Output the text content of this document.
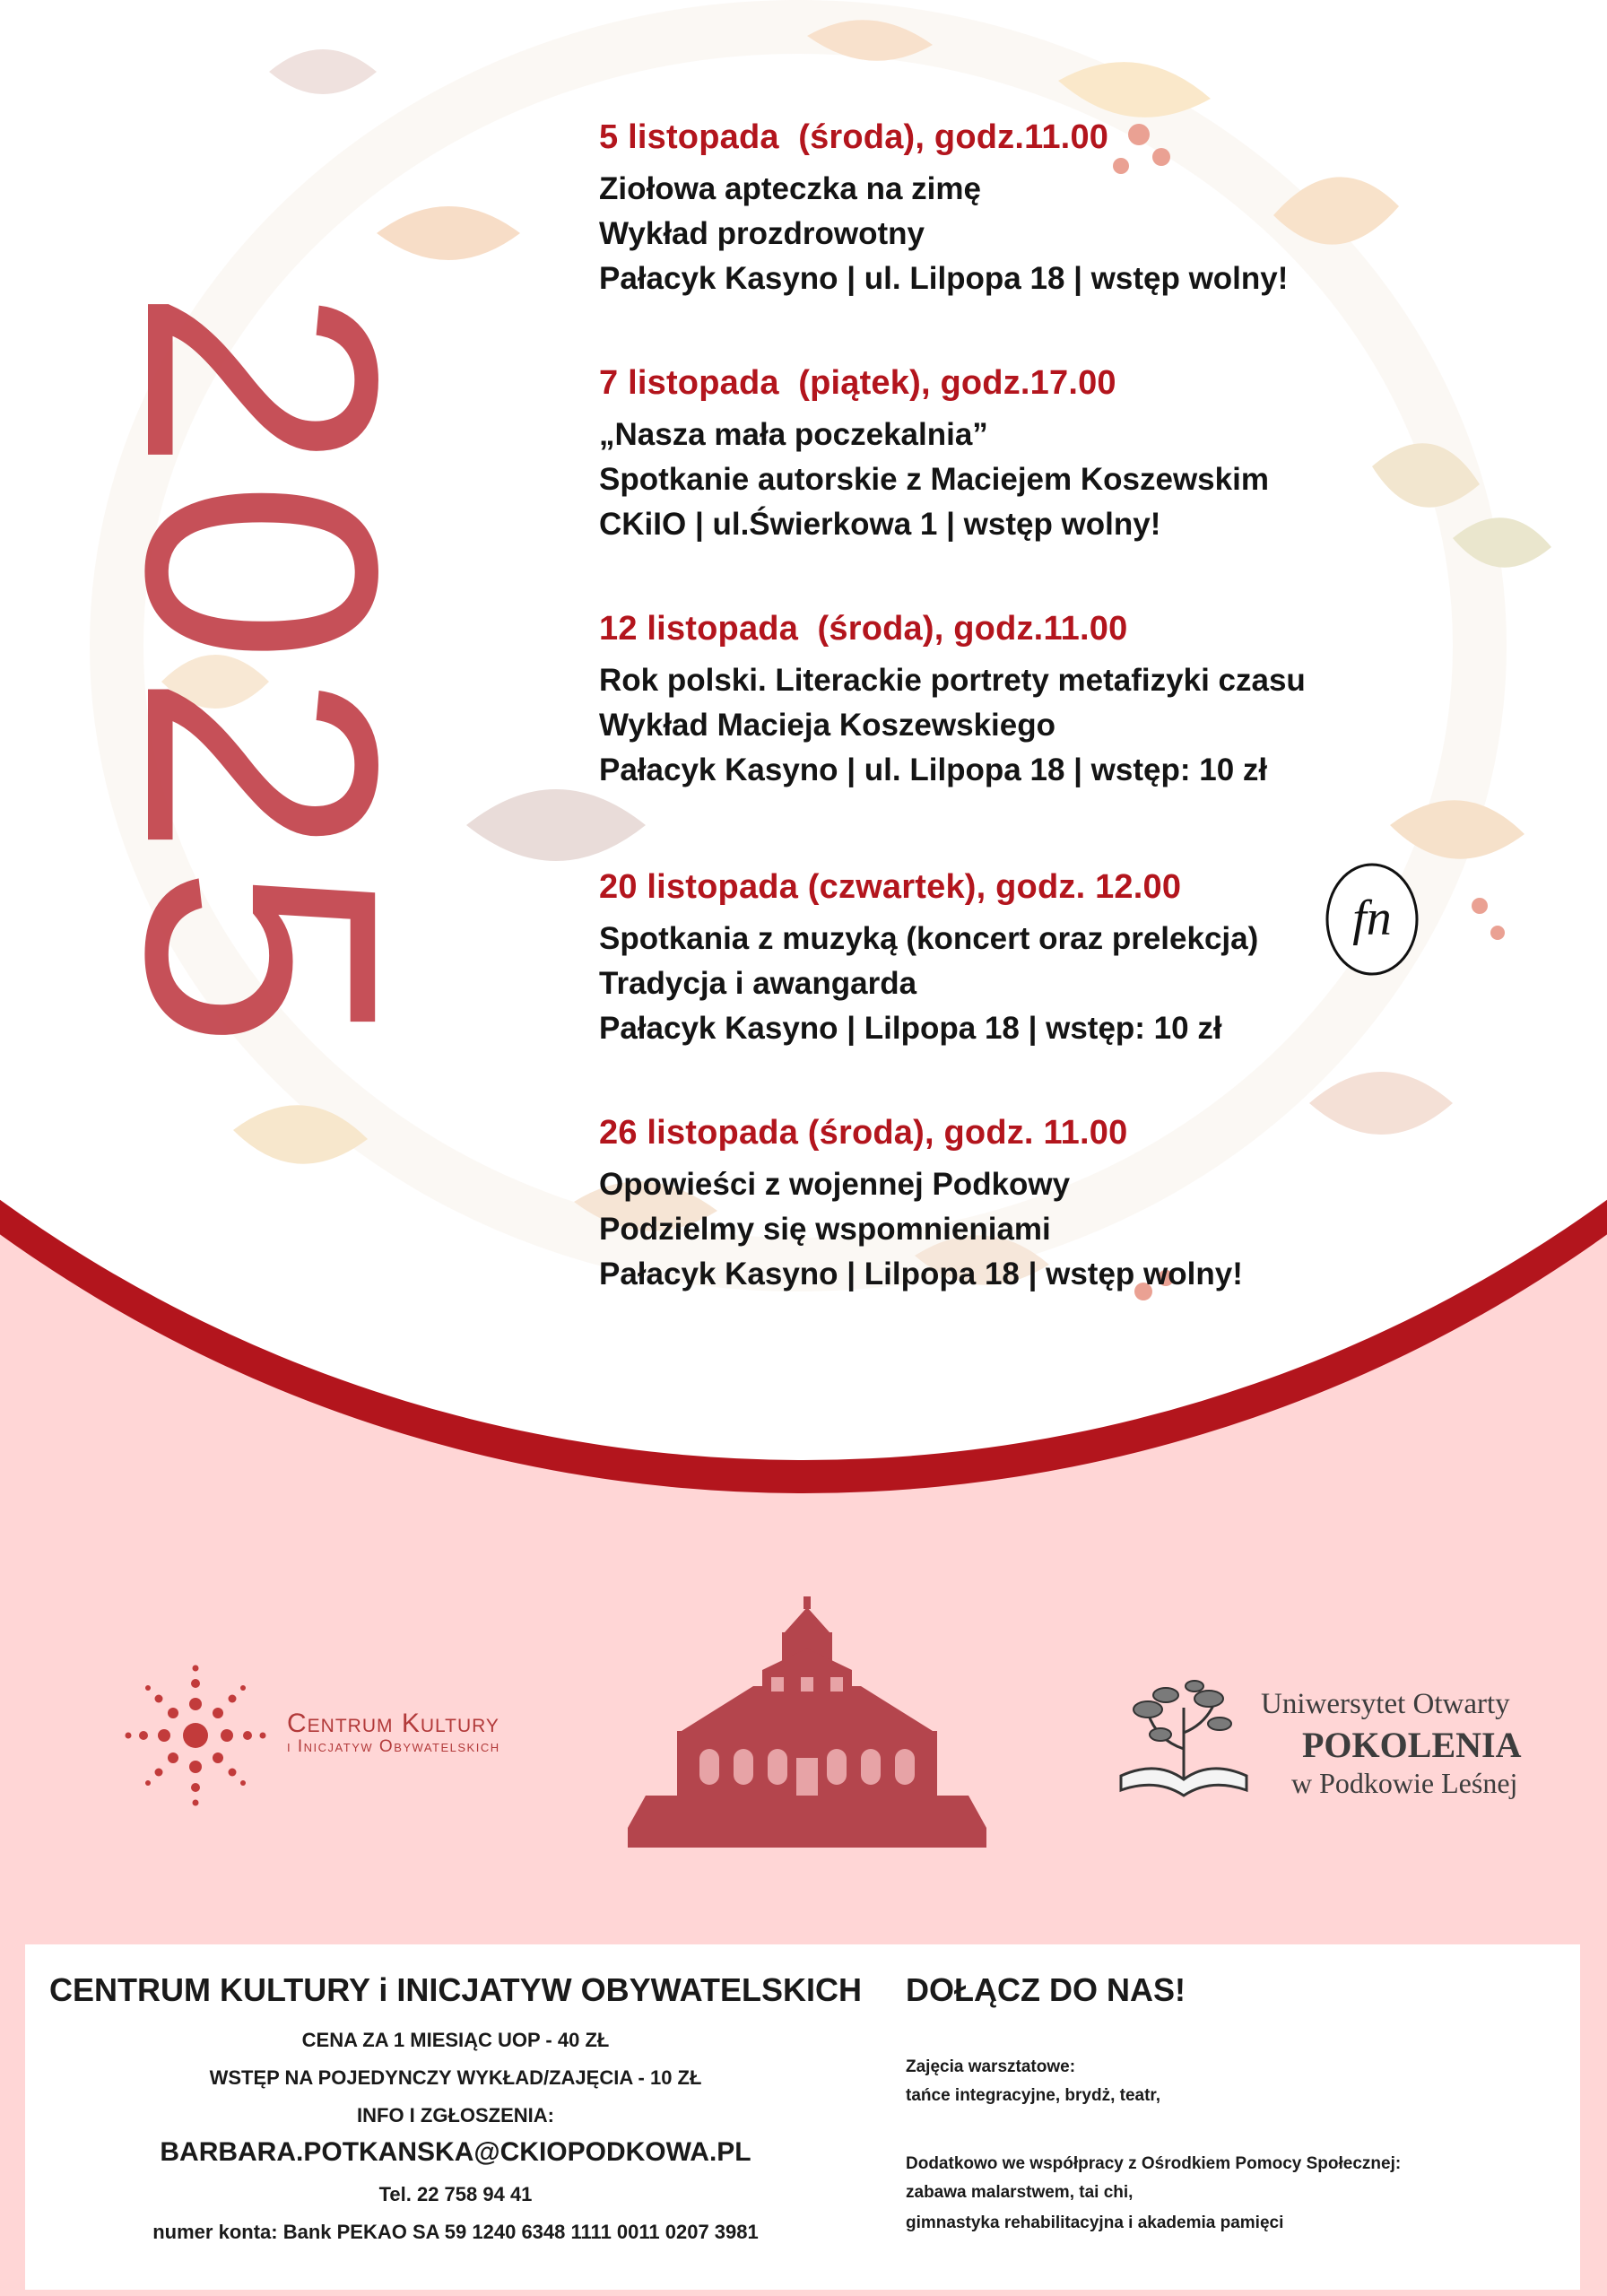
2025
5 listopada  (środa), godz.11.00
Ziołowa apteczka na zimę
Wykład prozdrowotny
Pałacyk Kasyno | ul. Lilpopa 18 | wstęp wolny!
7 listopada  (piątek), godz.17.00
„Nasza mała poczekalnia”
Spotkanie autorskie z Maciejem Koszewskim
CKiIO | ul.Świerkowa 1 | wstęp wolny!
12 listopada  (środa), godz.11.00
Rok polski. Literackie portrety metafizyki czasu
Wykład Macieja Koszewskiego
Pałacyk Kasyno | ul. Lilpopa 18 | wstęp: 10 zł
20 listopada (czwartek), godz. 12.00
Spotkania z muzyką (koncert oraz prelekcja)
Tradycja i awangarda
Pałacyk Kasyno | Lilpopa 18 | wstęp: 10 zł
26 listopada (środa), godz. 11.00
Opowieści z wojennej Podkowy
Podzielmy się wspomnieniami
Pałacyk Kasyno | Lilpopa 18 | wstęp wolny!
fn
Centrum Kultury
i Inicjatyw Obywatelskich
Uniwersytet Otwarty
POKOLENIA
w Podkowie Leśnej
CENTRUM KULTURY i INICJATYW OBYWATELSKICH
CENA ZA 1 MIESIĄC UOP - 40 ZŁ
WSTĘP NA POJEDYNCZY WYKŁAD/ZAJĘCIA - 10 ZŁ
INFO I ZGŁOSZENIA:
BARBARA.POTKANSKA@CKIOPODKOWA.PL
Tel. 22 758 94 41
numer konta: Bank PEKAO SA 59 1240 6348 1111 0011 0207 3981
DOŁĄCZ DO NAS!
Zajęcia warsztatowe:
tańce integracyjne, brydż, teatr,
Dodatkowo we współpracy z Ośrodkiem Pomocy Społecznej:
zabawa malarstwem, tai chi,
gimnastyka rehabilitacyjna i akademia pamięci
